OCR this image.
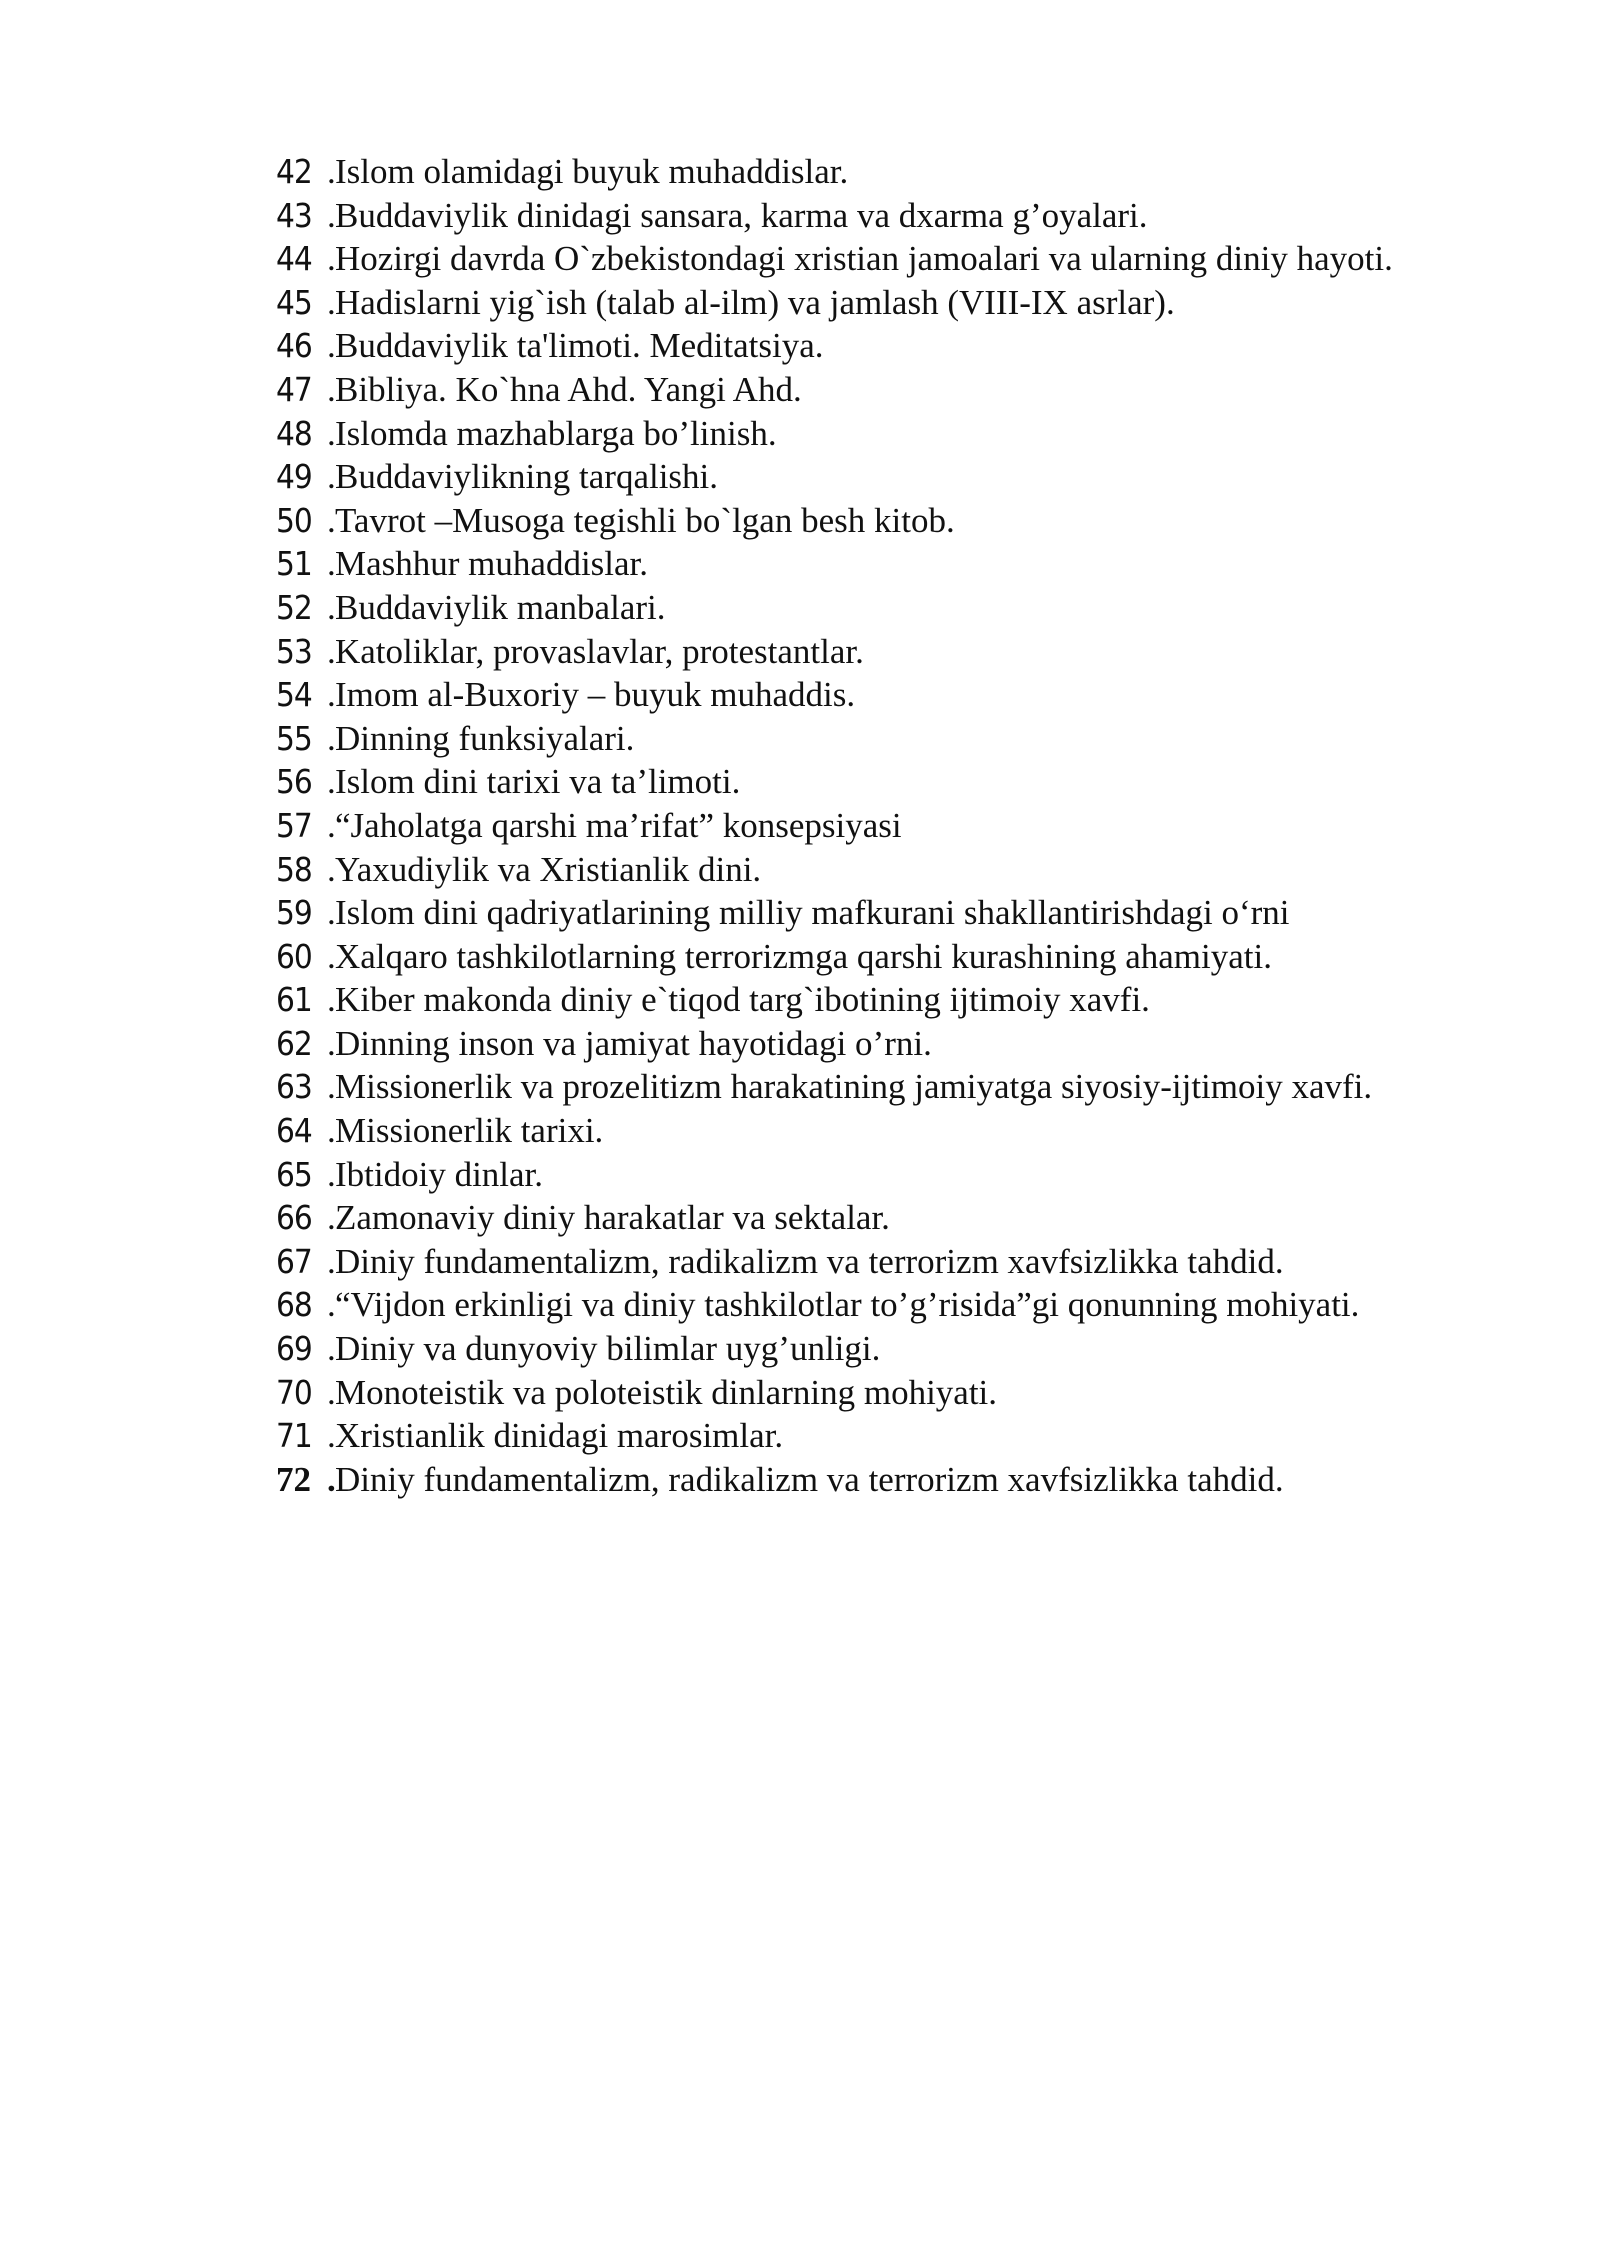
42 . Islom olamidagi buyuk muhaddislar.
43 . Buddaviylik dinidagi sansara, karma va dxarma g’oyalari.
44 . Hozirgi davrda O`zbekistondagi xristian jamoalari va ularning diniy hayoti.
45 . Hadislarni yig`ish (talab al-ilm) va jamlash (VIII-IX asrlar).
46 . Buddaviylik ta'limoti. Meditatsiya.
47 . Bibliya. Ko`hna Ahd. Yangi Ahd.
48 . Islomda mazhablarga bo’linish.
49 . Buddaviylikning tarqalishi.
50 . Tavrot –Musoga tegishli bo`lgan besh kitob.
51 . Mashhur muhaddislar.
52 . Buddaviylik manbalari.
53 . Katoliklar, provaslavlar, protestantlar.
54 . Imom al-Buxoriy – buyuk muhaddis.
55 . Dinning funksiyalari.
56 . Islom dini tarixi va ta’limoti.
57 . “Jaholatga qarshi ma’rifat” konsepsiyasi
58 . Yaxudiylik va Xristianlik dini.
59 . Islom dini qadriyatlarining milliy mafkurani shakllantirishdagi o‘rni
60 . Xalqaro tashkilotlarning terrorizmga qarshi kurashining ahamiyati.
61 . Kiber makonda diniy e`tiqod targ`ibotining ijtimoiy xavfi.
62 . Dinning inson va jamiyat hayotidagi o’rni.
63 . Missionerlik va prozelitizm harakatining jamiyatga siyosiy-ijtimoiy xavfi.
64 . Missionerlik tarixi.
65 . Ibtidoiy dinlar.
66 . Zamonaviy diniy harakatlar va sektalar.
67 . Diniy fundamentalizm, radikalizm va terrorizm xavfsizlikka tahdid.
68 . “Vijdon erkinligi va diniy tashkilotlar to’g’risida”gi qonunning mohiyati.
69 . Diniy va dunyoviy bilimlar uyg’unligi.
70 . Monoteistik va poloteistik dinlarning mohiyati.
71 . Xristianlik dinidagi marosimlar.
72 . Diniy fundamentalizm, radikalizm va terrorizm xavfsizlikka tahdid.
